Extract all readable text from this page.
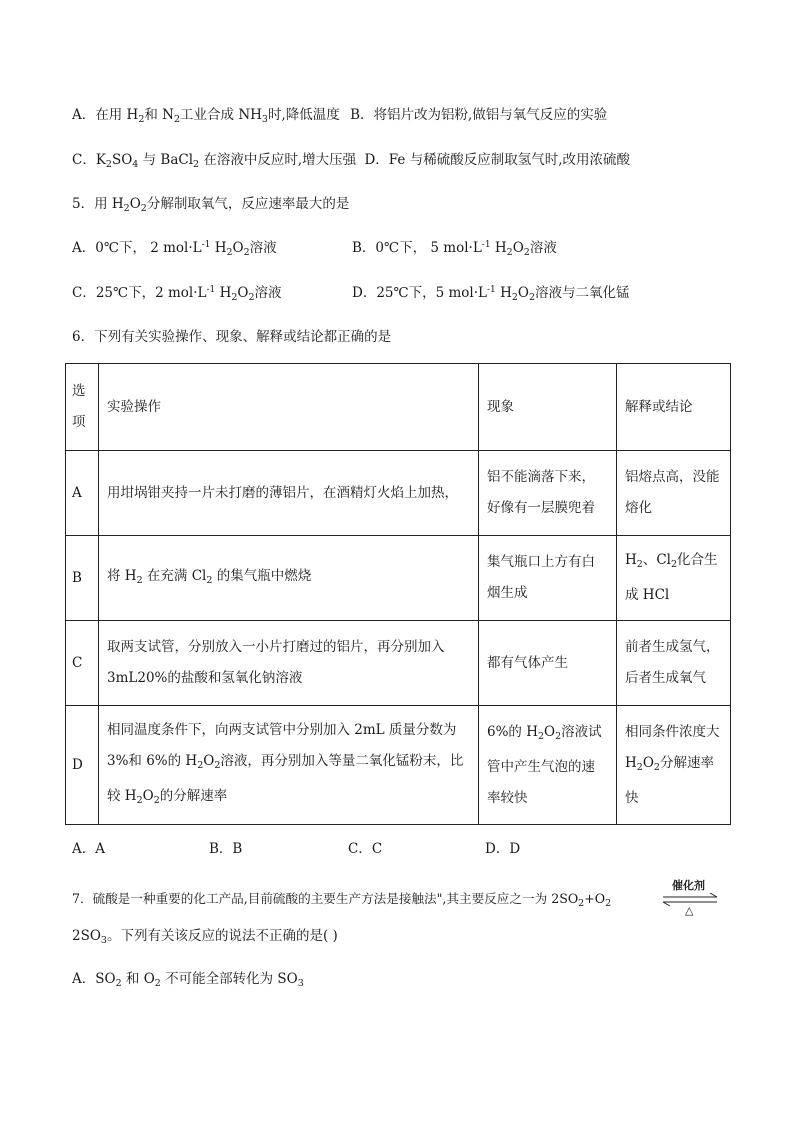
A．在用 $H_2$和 $N_2$工业合成 $NH_3$时,降低温度 B．将铝片改为铝粉,做铝与氧气反应的实验
C．$K_2SO_4$ 与 BaCl$_2$ 在溶液中反应时,增大压强 D．Fe 与稀硫酸反应制取氢气时,改用浓硫酸
5．用 $H_2O_2$分解制取氧气，反应速率最大的是
A．0℃下， 2 $mol\cdot L^{-1}$ $H_2O_2$溶液	B．0℃下， 5 $mol\cdot L^{-1}$ $H_2O_2$溶液
C．25℃下，2 $mol\cdot L^{-1}$ $H_2O_2$溶液	D．25℃下，5 $mol\cdot L^{-1}$ $H_2O_2$溶液与二氧化锰
6．下列有关实验操作、现象、解释或结论都正确的是
选项	实验操作	现象	解释或结论
A	用坩埚钳夹持一片未打磨的薄铝片，在酒精灯火焰上加热，	铝不能滴落下来，好像有一层膜兜着	铝熔点高，没能熔化
B	将 $H_2$ 在充满 $Cl_2$ 的集气瓶中燃烧	集气瓶口上方有白烟生成	$H_2$、$Cl_2$化合生成 HCl
C	取两支试管，分别放入一小片打磨过的铝片，再分别加入 3mL20%的盐酸和氢氧化钠溶液	都有气体产生	前者生成氢气，后者生成氧气
D	相同温度条件下，向两支试管中分别加入 2mL 质量分数为 3%和 6%的 $H_2O_2$溶液，再分别加入等量二氧化锰粉末，比较 $H_2O_2$的分解速率	6%的 $H_2O_2$溶液试管中产生气泡的速率较快	相同条件浓度大 $H_2O_2$分解速率快
A．A	B．B	C．C	D．D
7．硫酸是一种重要的化工产品,目前硫酸的主要生产方法是接触法",其主要反应之一为 $2SO_2+O_2$
催化剂
△
$2SO_3$。下列有关该反应的说法不正确的是( )
A．$SO_2$ 和 $O_2$ 不可能全部转化为 $SO_3$
